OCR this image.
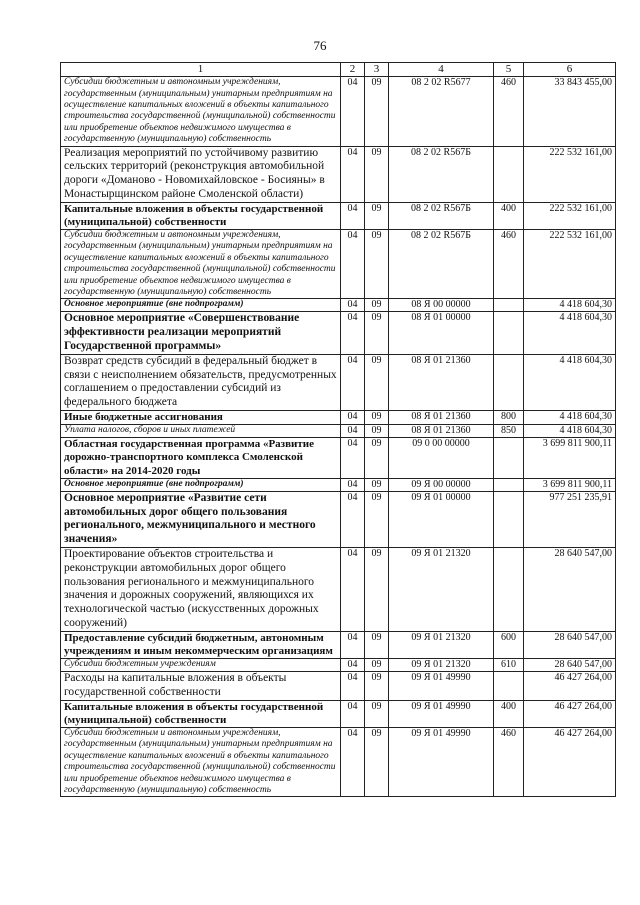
76
1	2	3	4	5	6
Субсидии бюджетным и автономным учреждениям, государственным (муниципальным) унитарным предприятиям на осуществление капитальных вложений в объекты капитального строительства государственной (муниципальной) собственности или приобретение объектов недвижимого имущества в государственную (муниципальную) собственность	04	09	08 2 02 R5677	460	33 843 455,00
Реализация мероприятий по устойчивому развитию сельских территорий (реконструкция автомобильной дороги «Доманово - Новомихайловское - Босияны» в Монастырщинском районе Смоленской области)	04	09	08 2 02 R567Б		222 532 161,00
Капитальные вложения в объекты государственной (муниципальной) собственности	04	09	08 2 02 R567Б	400	222 532 161,00
Субсидии бюджетным и автономным учреждениям, государственным (муниципальным) унитарным предприятиям на осуществление капитальных вложений в объекты капитального строительства государственной (муниципальной) собственности или приобретение объектов недвижимого имущества в государственную (муниципальную) собственность	04	09	08 2 02 R567Б	460	222 532 161,00
Основное мероприятие (вне подпрограмм)	04	09	08 Я 00 00000		4 418 604,30
Основное мероприятие «Совершенствование эффективности реализации мероприятий Государственной программы»	04	09	08 Я 01 00000		4 418 604,30
Возврат средств субсидий в федеральный бюджет в связи с неисполнением обязательств, предусмотренных соглашением о предоставлении субсидий из федерального бюджета	04	09	08 Я 01 21360		4 418 604,30
Иные бюджетные ассигнования	04	09	08 Я 01 21360	800	4 418 604,30
Уплата налогов, сборов и иных платежей	04	09	08 Я 01 21360	850	4 418 604,30
Областная государственная программа «Развитие дорожно-транспортного комплекса Смоленской области» на 2014-2020 годы	04	09	09 0 00 00000		3 699 811 900,11
Основное мероприятие (вне подпрограмм)	04	09	09 Я 00 00000		3 699 811 900,11
Основное мероприятие «Развитие сети автомобильных дорог общего пользования регионального, межмуниципального и местного значения»	04	09	09 Я 01 00000		977 251 235,91
Проектирование объектов строительства и реконструкции автомобильных дорог общего пользования регионального и межмуниципального значения и дорожных сооружений, являющихся их технологической частью (искусственных дорожных сооружений)	04	09	09 Я 01 21320		28 640 547,00
Предоставление субсидий бюджетным, автономным учреждениям и иным некоммерческим организациям	04	09	09 Я 01 21320	600	28 640 547,00
Субсидии бюджетным учреждениям	04	09	09 Я 01 21320	610	28 640 547,00
Расходы на капитальные вложения в объекты государственной собственности	04	09	09 Я 01 49990		46 427 264,00
Капитальные вложения в объекты государственной (муниципальной) собственности	04	09	09 Я 01 49990	400	46 427 264,00
Субсидии бюджетным и автономным учреждениям, государственным (муниципальным) унитарным предприятиям на осуществление капитальных вложений в объекты капитального строительства государственной (муниципальной) собственности или приобретение объектов недвижимого имущества в государственную (муниципальную) собственность	04	09	09 Я 01 49990	460	46 427 264,00
